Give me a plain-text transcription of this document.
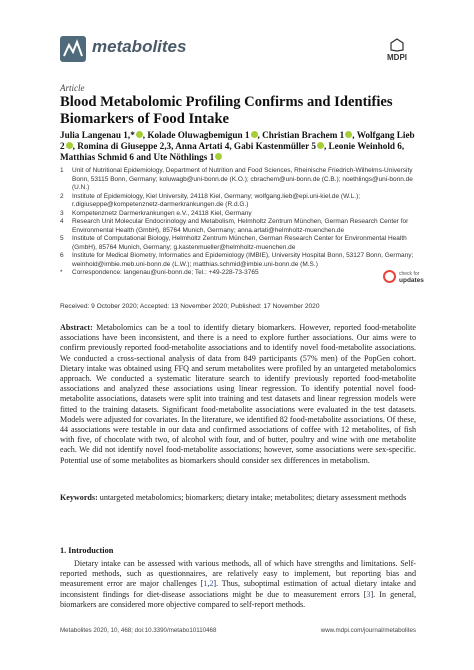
metabolites
MDPI
Article
Blood Metabolomic Profiling Confirms and Identifies Biomarkers of Food Intake
Julia Langenau 1,* , Kolade Oluwagbemigun 1 , Christian Brachem 1 , Wolfgang Lieb 2 , Romina di Giuseppe 2,3, Anna Artati 4, Gabi Kastenmüller 5 , Leonie Weinhold 6, Matthias Schmid 6 and Ute Nöthlings 1
1 Unit of Nutritional Epidemiology, Department of Nutrition and Food Sciences, Rheinische Friedrich-Wilhelms-University Bonn, 53115 Bonn, Germany; koluwagb@uni-bonn.de (K.O.); cbrachem@uni-bonn.de (C.B.); noethlings@uni-bonn.de (U.N.)
2 Institute of Epidemiology, Kiel University, 24118 Kiel, Germany; wolfgang.lieb@epi.uni-kiel.de (W.L.); r.digiuseppe@kompetenznetz-darmerkrankungen.de (R.d.G.)
3 Kompetenznetz Darmerkrankungen e.V., 24118 Kiel, Germany
4 Research Unit Molecular Endocrinology and Metabolism, Helmholtz Zentrum München, German Research Center for Environmental Health (GmbH), 85764 Munich, Germany; anna.artati@helmholtz-muenchen.de
5 Institute of Computational Biology, Helmholtz Zentrum München, German Research Center for Environmental Health (GmbH), 85764 Munich, Germany; g.kastenmueller@helmholtz-muenchen.de
6 Institute for Medical Biometry, Informatics and Epidemiology (IMBIE), University Hospital Bonn, 53127 Bonn, Germany; weinhold@imbie.meb.uni-bonn.de (L.W.); matthias.schmid@imbie.uni-bonn.de (M.S.)
* Correspondence: langenau@uni-bonn.de; Tel.: +49-228-73-3765	check for
updates
Received: 9 October 2020; Accepted: 13 November 2020; Published: 17 November 2020
Abstract: Metabolomics can be a tool to identify dietary biomarkers. However, reported food-metabolite associations have been inconsistent, and there is a need to explore further associations. Our aims were to confirm previously reported food-metabolite associations and to identify novel food-metabolite associations. We conducted a cross-sectional analysis of data from 849 participants (57% men) of the PopGen cohort. Dietary intake was obtained using FFQ and serum metabolites were profiled by an untargeted metabolomics approach. We conducted a systematic literature search to identify previously reported food-metabolite associations and analyzed these associations using linear regression. To identify potential novel food-metabolite associations, datasets were split into training and test datasets and linear regression models were fitted to the training datasets. Significant food-metabolite associations were evaluated in the test datasets. Models were adjusted for covariates. In the literature, we identified 82 food-metabolite associations. Of these, 44 associations were testable in our data and confirmed associations of coffee with 12 metabolites, of fish with five, of chocolate with two, of alcohol with four, and of butter, poultry and wine with one metabolite each. We did not identify novel food-metabolite associations; however, some associations were sex-specific. Potential use of some metabolites as biomarkers should consider sex differences in metabolism.
Keywords: untargeted metabolomics; biomarkers; dietary intake; metabolites; dietary assessment methods
1. Introduction
Dietary intake can be assessed with various methods, all of which have strengths and limitations. Self-reported methods, such as questionnaires, are relatively easy to implement, but reporting bias and measurement error are major challenges [1,2]. Thus, suboptimal estimation of actual dietary intake and inconsistent findings for diet-disease associations might be due to measurement errors [3]. In general, biomarkers are considered more objective compared to self-report methods.
Metabolites 2020, 10, 468; doi:10.3390/metabo10110468	www.mdpi.com/journal/metabolites
